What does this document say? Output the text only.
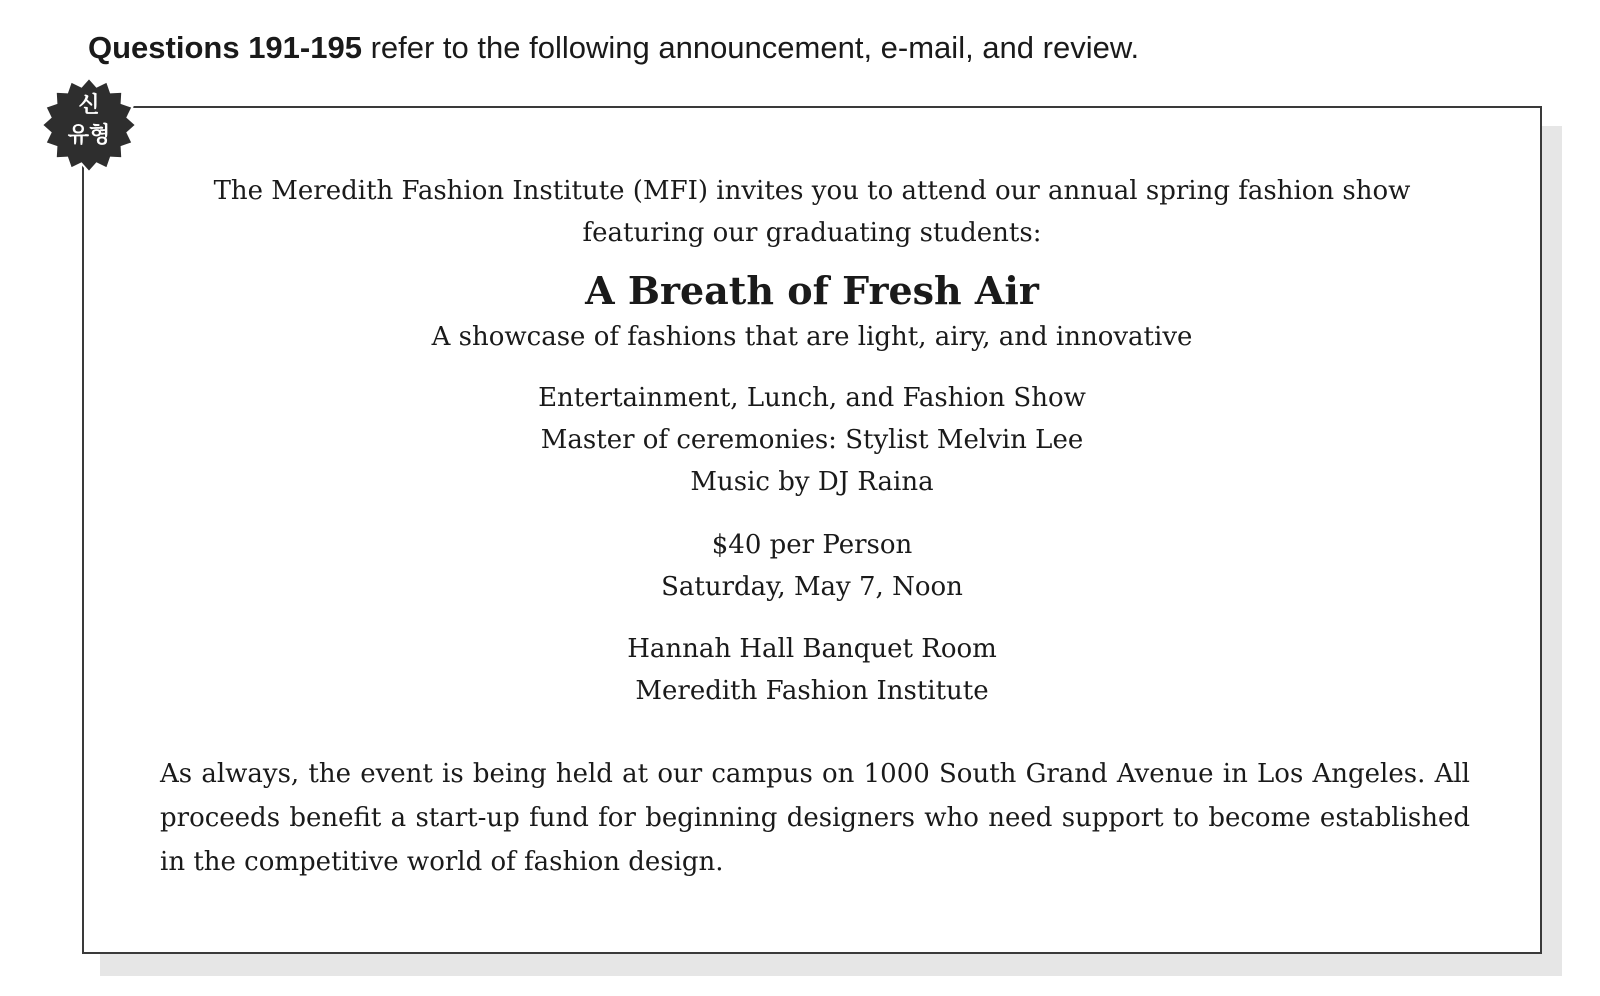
Questions 191-195 refer to the following announcement, e-mail, and review.
신
유형
The Meredith Fashion Institute (MFI) invites you to attend our annual spring fashion show
featuring our graduating students:
A Breath of Fresh Air
A showcase of fashions that are light, airy, and innovative
Entertainment, Lunch, and Fashion Show
Master of ceremonies: Stylist Melvin Lee
Music by DJ Raina
$40 per Person
Saturday, May 7, Noon
Hannah Hall Banquet Room
Meredith Fashion Institute
As always, the event is being held at our campus on 1000 South Grand Avenue in Los Angeles. All proceeds benefit a start-up fund for beginning designers who need support to become established in the competitive world of fashion design.
